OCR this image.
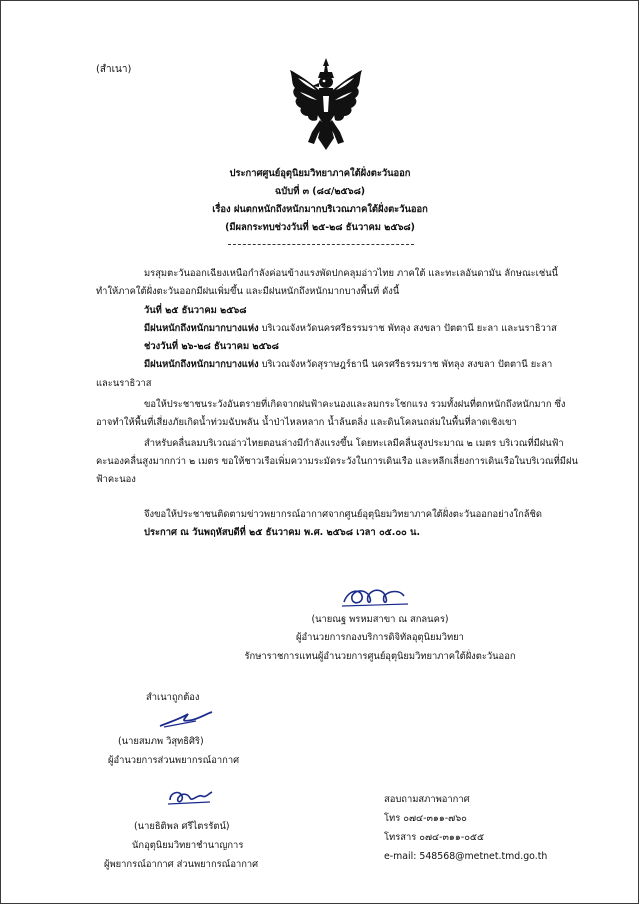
(สำเนา)
ประกาศศูนย์อุตุนิยมวิทยาภาคใต้ฝั่งตะวันออก
ฉบับที่ ๓ (๘๔/๒๕๖๘)
เรื่อง ฝนตกหนักถึงหนักมากบริเวณภาคใต้ฝั่งตะวันออก
(มีผลกระทบช่วงวันที่ ๒๕-๒๘ ธันวาคม ๒๕๖๘)
มรสุมตะวันออกเฉียงเหนือกำลังค่อนข้างแรงพัดปกคลุมอ่าวไทย ภาคใต้ และทะเลอันดามัน ลักษณะเช่นนี้
ทำให้ภาคใต้ฝั่งตะวันออกมีฝนเพิ่มขึ้น และมีฝนหนักถึงหนักมากบางพื้นที่ ดังนี้
วันที่ ๒๕ ธันวาคม ๒๕๖๘
มีฝนหนักถึงหนักมากบางแห่ง บริเวณจังหวัดนครศรีธรรมราช พัทลุง สงขลา ปัตตานี ยะลา และนราธิวาส
ช่วงวันที่ ๒๖-๒๘ ธันวาคม ๒๕๖๘
มีฝนหนักถึงหนักมากบางแห่ง บริเวณจังหวัดสุราษฎร์ธานี นครศรีธรรมราช พัทลุง สงขลา ปัตตานี ยะลา
และนราธิวาส
ขอให้ประชาชนระวังอันตรายที่เกิดจากฝนฟ้าคะนองและลมกระโชกแรง รวมทั้งฝนที่ตกหนักถึงหนักมาก ซึ่ง
อาจทำให้พื้นที่เสี่ยงภัยเกิดน้ำท่วมฉับพลัน น้ำป่าไหลหลาก น้ำล้นตลิ่ง และดินโคลนถล่มในพื้นที่ลาดเชิงเขา
สำหรับคลื่นลมบริเวณอ่าวไทยตอนล่างมีกำลังแรงขึ้น โดยทะเลมีคลื่นสูงประมาณ ๒ เมตร บริเวณที่มีฝนฟ้า
คะนองคลื่นสูงมากกว่า ๒ เมตร ขอให้ชาวเรือเพิ่มความระมัดระวังในการเดินเรือ และหลีกเลี่ยงการเดินเรือในบริเวณที่มีฝน
ฟ้าคะนอง
จึงขอให้ประชาชนติดตามข่าวพยากรณ์อากาศจากศูนย์อุตุนิยมวิทยาภาคใต้ฝั่งตะวันออกอย่างใกล้ชิด
ประกาศ ณ วันพฤหัสบดีที่ ๒๕ ธันวาคม พ.ศ. ๒๕๖๘ เวลา ๐๕.๐๐ น.
(นายณฐ พรหมสาขา ณ สกลนคร)
ผู้อำนวยการกองบริการดิจิทัลอุตุนิยมวิทยา
รักษาราชการแทนผู้อำนวยการศูนย์อุตุนิยมวิทยาภาคใต้ฝั่งตะวันออก
สำเนาถูกต้อง
(นายสมภพ วิสุทธิศิริ)
ผู้อำนวยการส่วนพยากรณ์อากาศ
(นายธิติพล ศรีไตรรัตน์)
นักอุตุนิยมวิทยาชำนาญการ
ผู้พยากรณ์อากาศ ส่วนพยากรณ์อากาศ
สอบถามสภาพอากาศ
โทร ๐๗๔-๓๑๑-๗๖๐
โทรสาร ๐๗๔-๓๑๑-๐๕๕
e-mail: 548568@metnet.tmd.go.th
